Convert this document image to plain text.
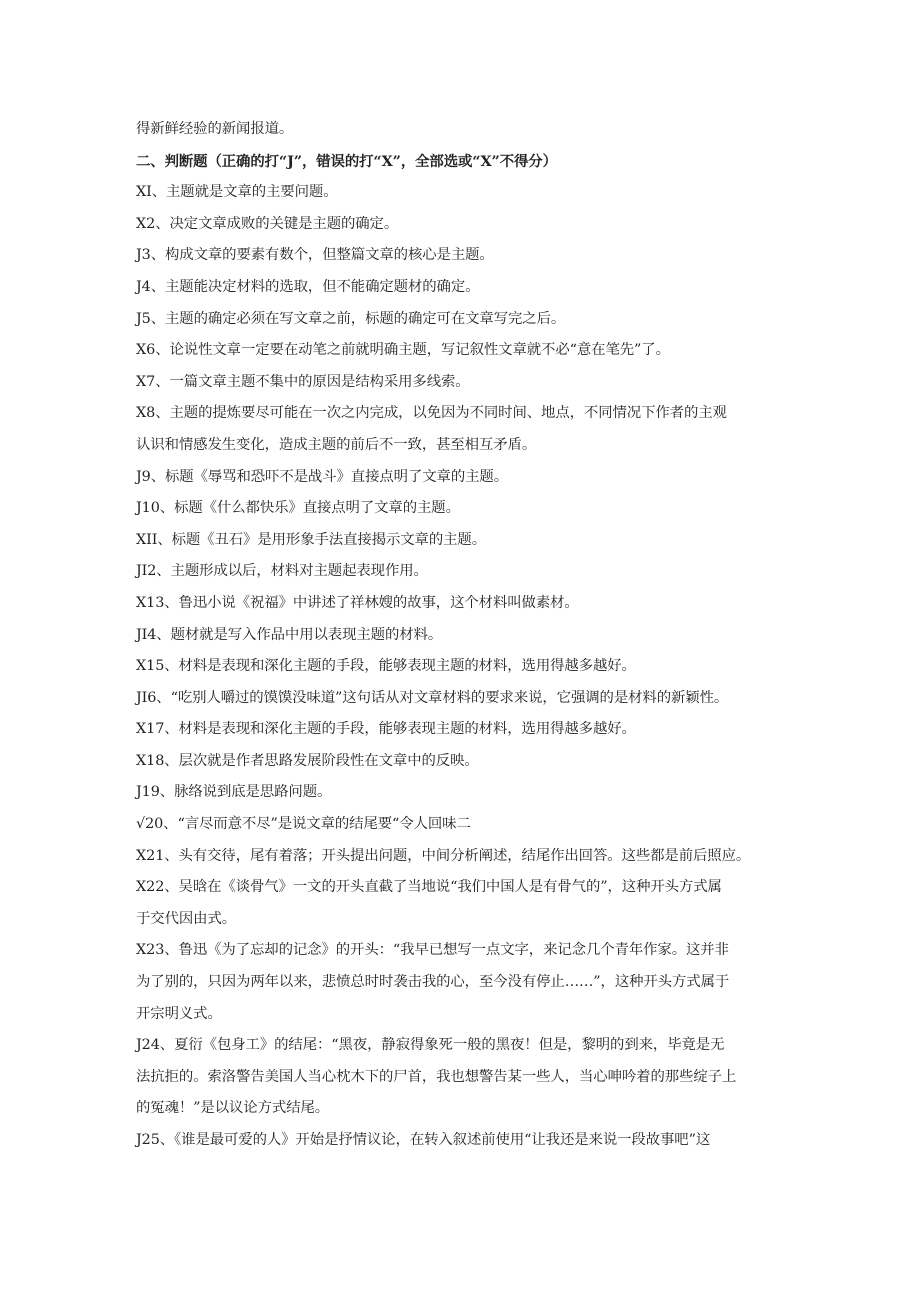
得新鲜经验的新闻报道。
二、判断题（正确的打“J”，错误的打“X”，全部选或“X”不得分）
XI、主题就是文章的主要问题。
X2、决定文章成败的关键是主题的确定。
J3、构成文章的要素有数个，但整篇文章的核心是主题。
J4、主题能决定材料的选取，但不能确定题材的确定。
J5、主题的确定必须在写文章之前，标题的确定可在文章写完之后。
X6、论说性文章一定要在动笔之前就明确主题，写记叙性文章就不必“意在笔先”了。
X7、一篇文章主题不集中的原因是结构采用多线索。
X8、主题的提炼要尽可能在一次之内完成，以免因为不同时间、地点，不同情况下作者的主观
认识和情感发生变化，造成主题的前后不一致，甚至相互矛盾。
J9、标题《辱骂和恐吓不是战斗》直接点明了文章的主题。
J10、标题《什么都快乐》直接点明了文章的主题。
XII、标题《丑石》是用形象手法直接揭示文章的主题。
JI2、主题形成以后，材料对主题起表现作用。
X13、鲁迅小说《祝福》中讲述了祥林嫂的故事，这个材料叫做素材。
JI4、题材就是写入作品中用以表现主题的材料。
X15、材料是表现和深化主题的手段，能够表现主题的材料，选用得越多越好。
JI6、“吃别人嚼过的馍馍没味道”这句话从对文章材料的要求来说，它强调的是材料的新颖性。
X17、材料是表现和深化主题的手段，能够表现主题的材料，选用得越多越好。
X18、层次就是作者思路发展阶段性在文章中的反映。
J19、脉络说到底是思路问题。
√20、“言尽而意不尽”是说文章的结尾要“令人回味二
X21、头有交待，尾有着落；开头提出问题，中间分析阐述，结尾作出回答。这些都是前后照应。
X22、吴晗在《谈骨气》一文的开头直截了当地说“我们中国人是有骨气的”，这种开头方式属
于交代因由式。
X23、鲁迅《为了忘却的记念》的开头：“我早已想写一点文字，来记念几个青年作家。这并非
为了别的，只因为两年以来，悲愤总时时袭击我的心，至今没有停止……”，这种开头方式属于
开宗明义式。
J24、夏衍《包身工》的结尾：“黑夜，静寂得象死一般的黑夜！但是，黎明的到来，毕竟是无
法抗拒的。索洛警告美国人当心枕木下的尸首，我也想警告某一些人，当心呻吟着的那些绽子上
的冤魂！”是以议论方式结尾。
J25、《谁是最可爱的人》开始是抒情议论，在转入叙述前使用“让我还是来说一段故事吧”这
